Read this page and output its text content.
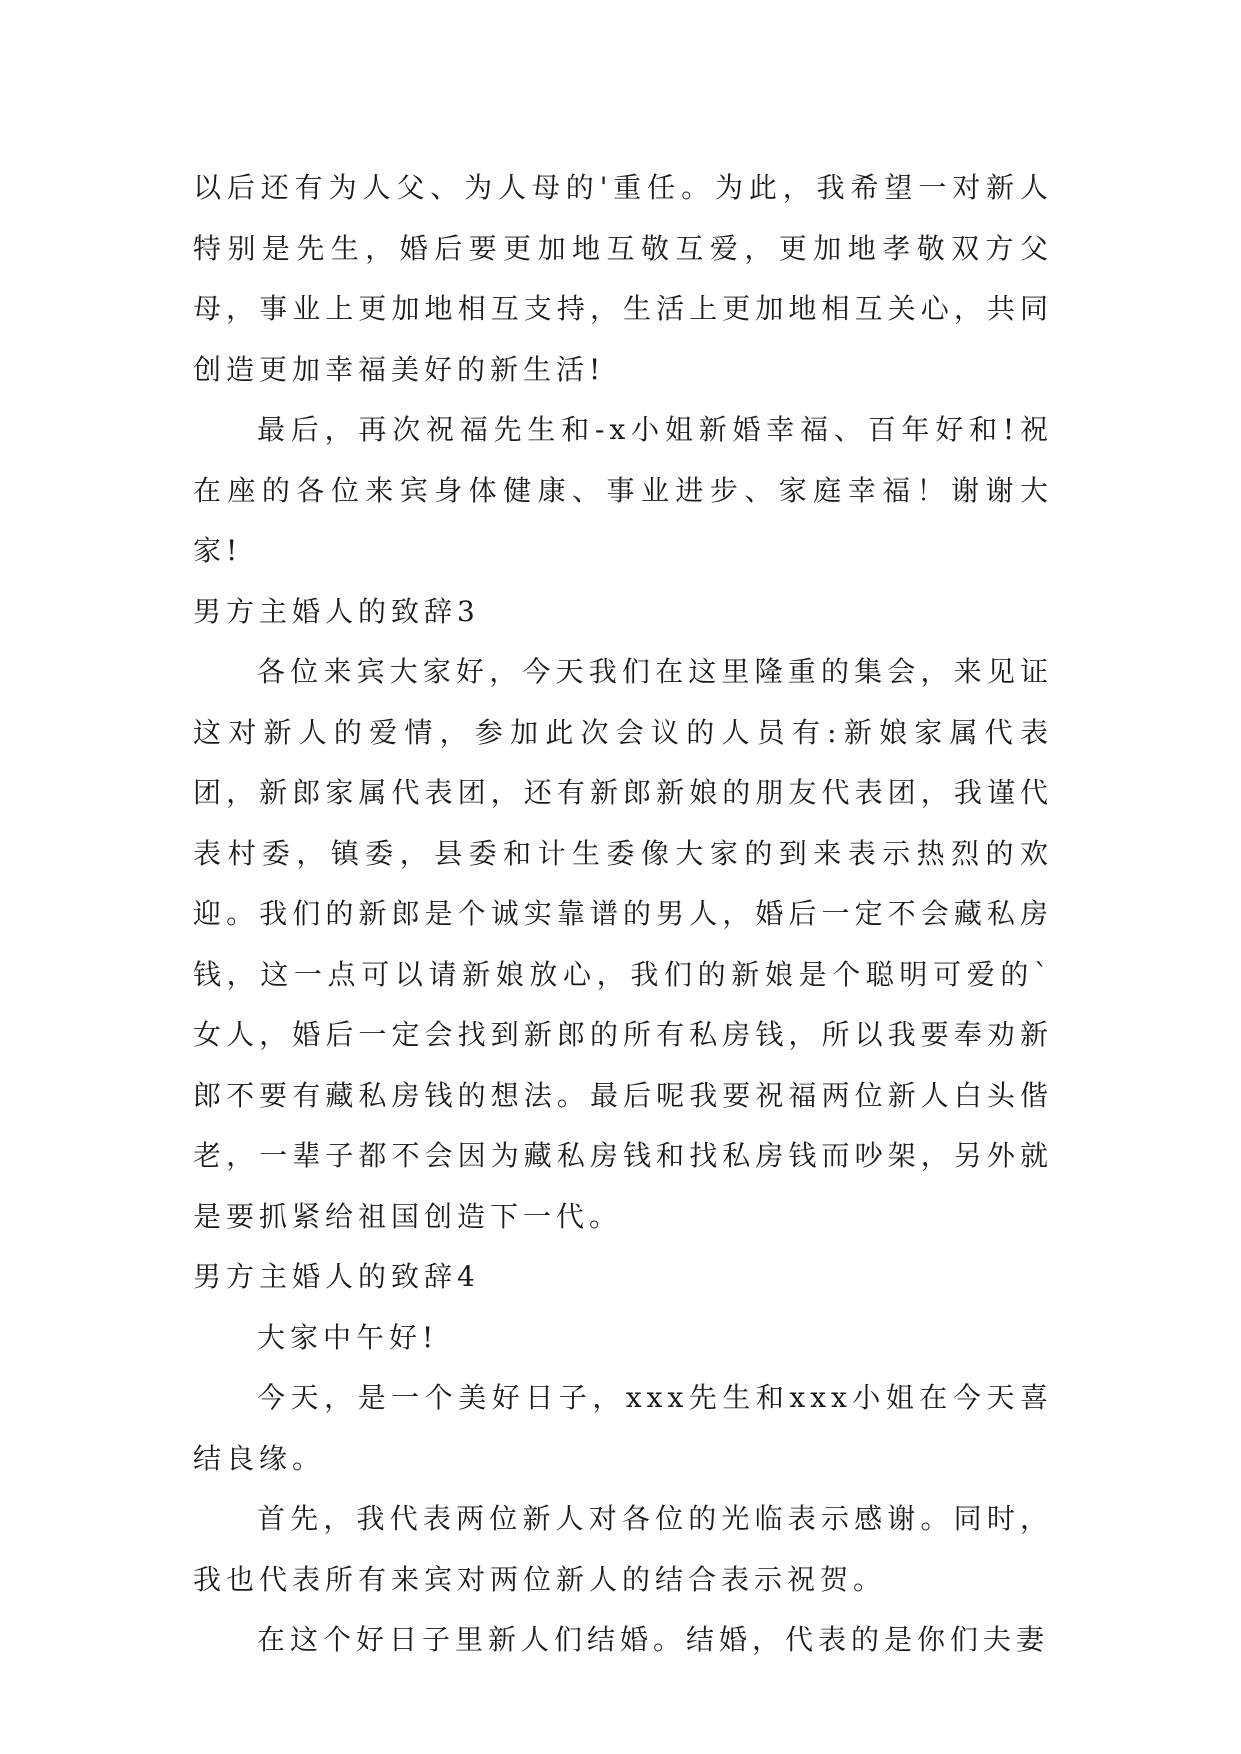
以后还有为人父、为人母的'重任。为此，我希望一对新人特别是先生，婚后要更加地互敬互爱，更加地孝敬双方父母，事业上更加地相互支持，生活上更加地相互关心，共同创造更加幸福美好的新生活!

最后，再次祝福先生和-x小姐新婚幸福、百年好和!祝在座的各位来宾身体健康、事业进步、家庭幸福！谢谢大家!

男方主婚人的致辞3

各位来宾大家好，今天我们在这里隆重的集会，来见证这对新人的爱情，参加此次会议的人员有:新娘家属代表团，新郎家属代表团，还有新郎新娘的朋友代表团，我谨代表村委，镇委，县委和计生委像大家的到来表示热烈的欢迎。我们的新郎是个诚实靠谱的男人，婚后一定不会藏私房钱，这一点可以请新娘放心，我们的新娘是个聪明可爱的`女人，婚后一定会找到新郎的所有私房钱，所以我要奉劝新郎不要有藏私房钱的想法。最后呢我要祝福两位新人白头偕老，一辈子都不会因为藏私房钱和找私房钱而吵架，另外就是要抓紧给祖国创造下一代。

男方主婚人的致辞4

大家中午好!

今天，是一个美好日子，xxx先生和xxx小姐在今天喜结良缘。

首先，我代表两位新人对各位的光临表示感谢。同时，我也代表所有来宾对两位新人的结合表示祝贺。

在这个好日子里新人们结婚。结婚，代表的是你们夫妻
